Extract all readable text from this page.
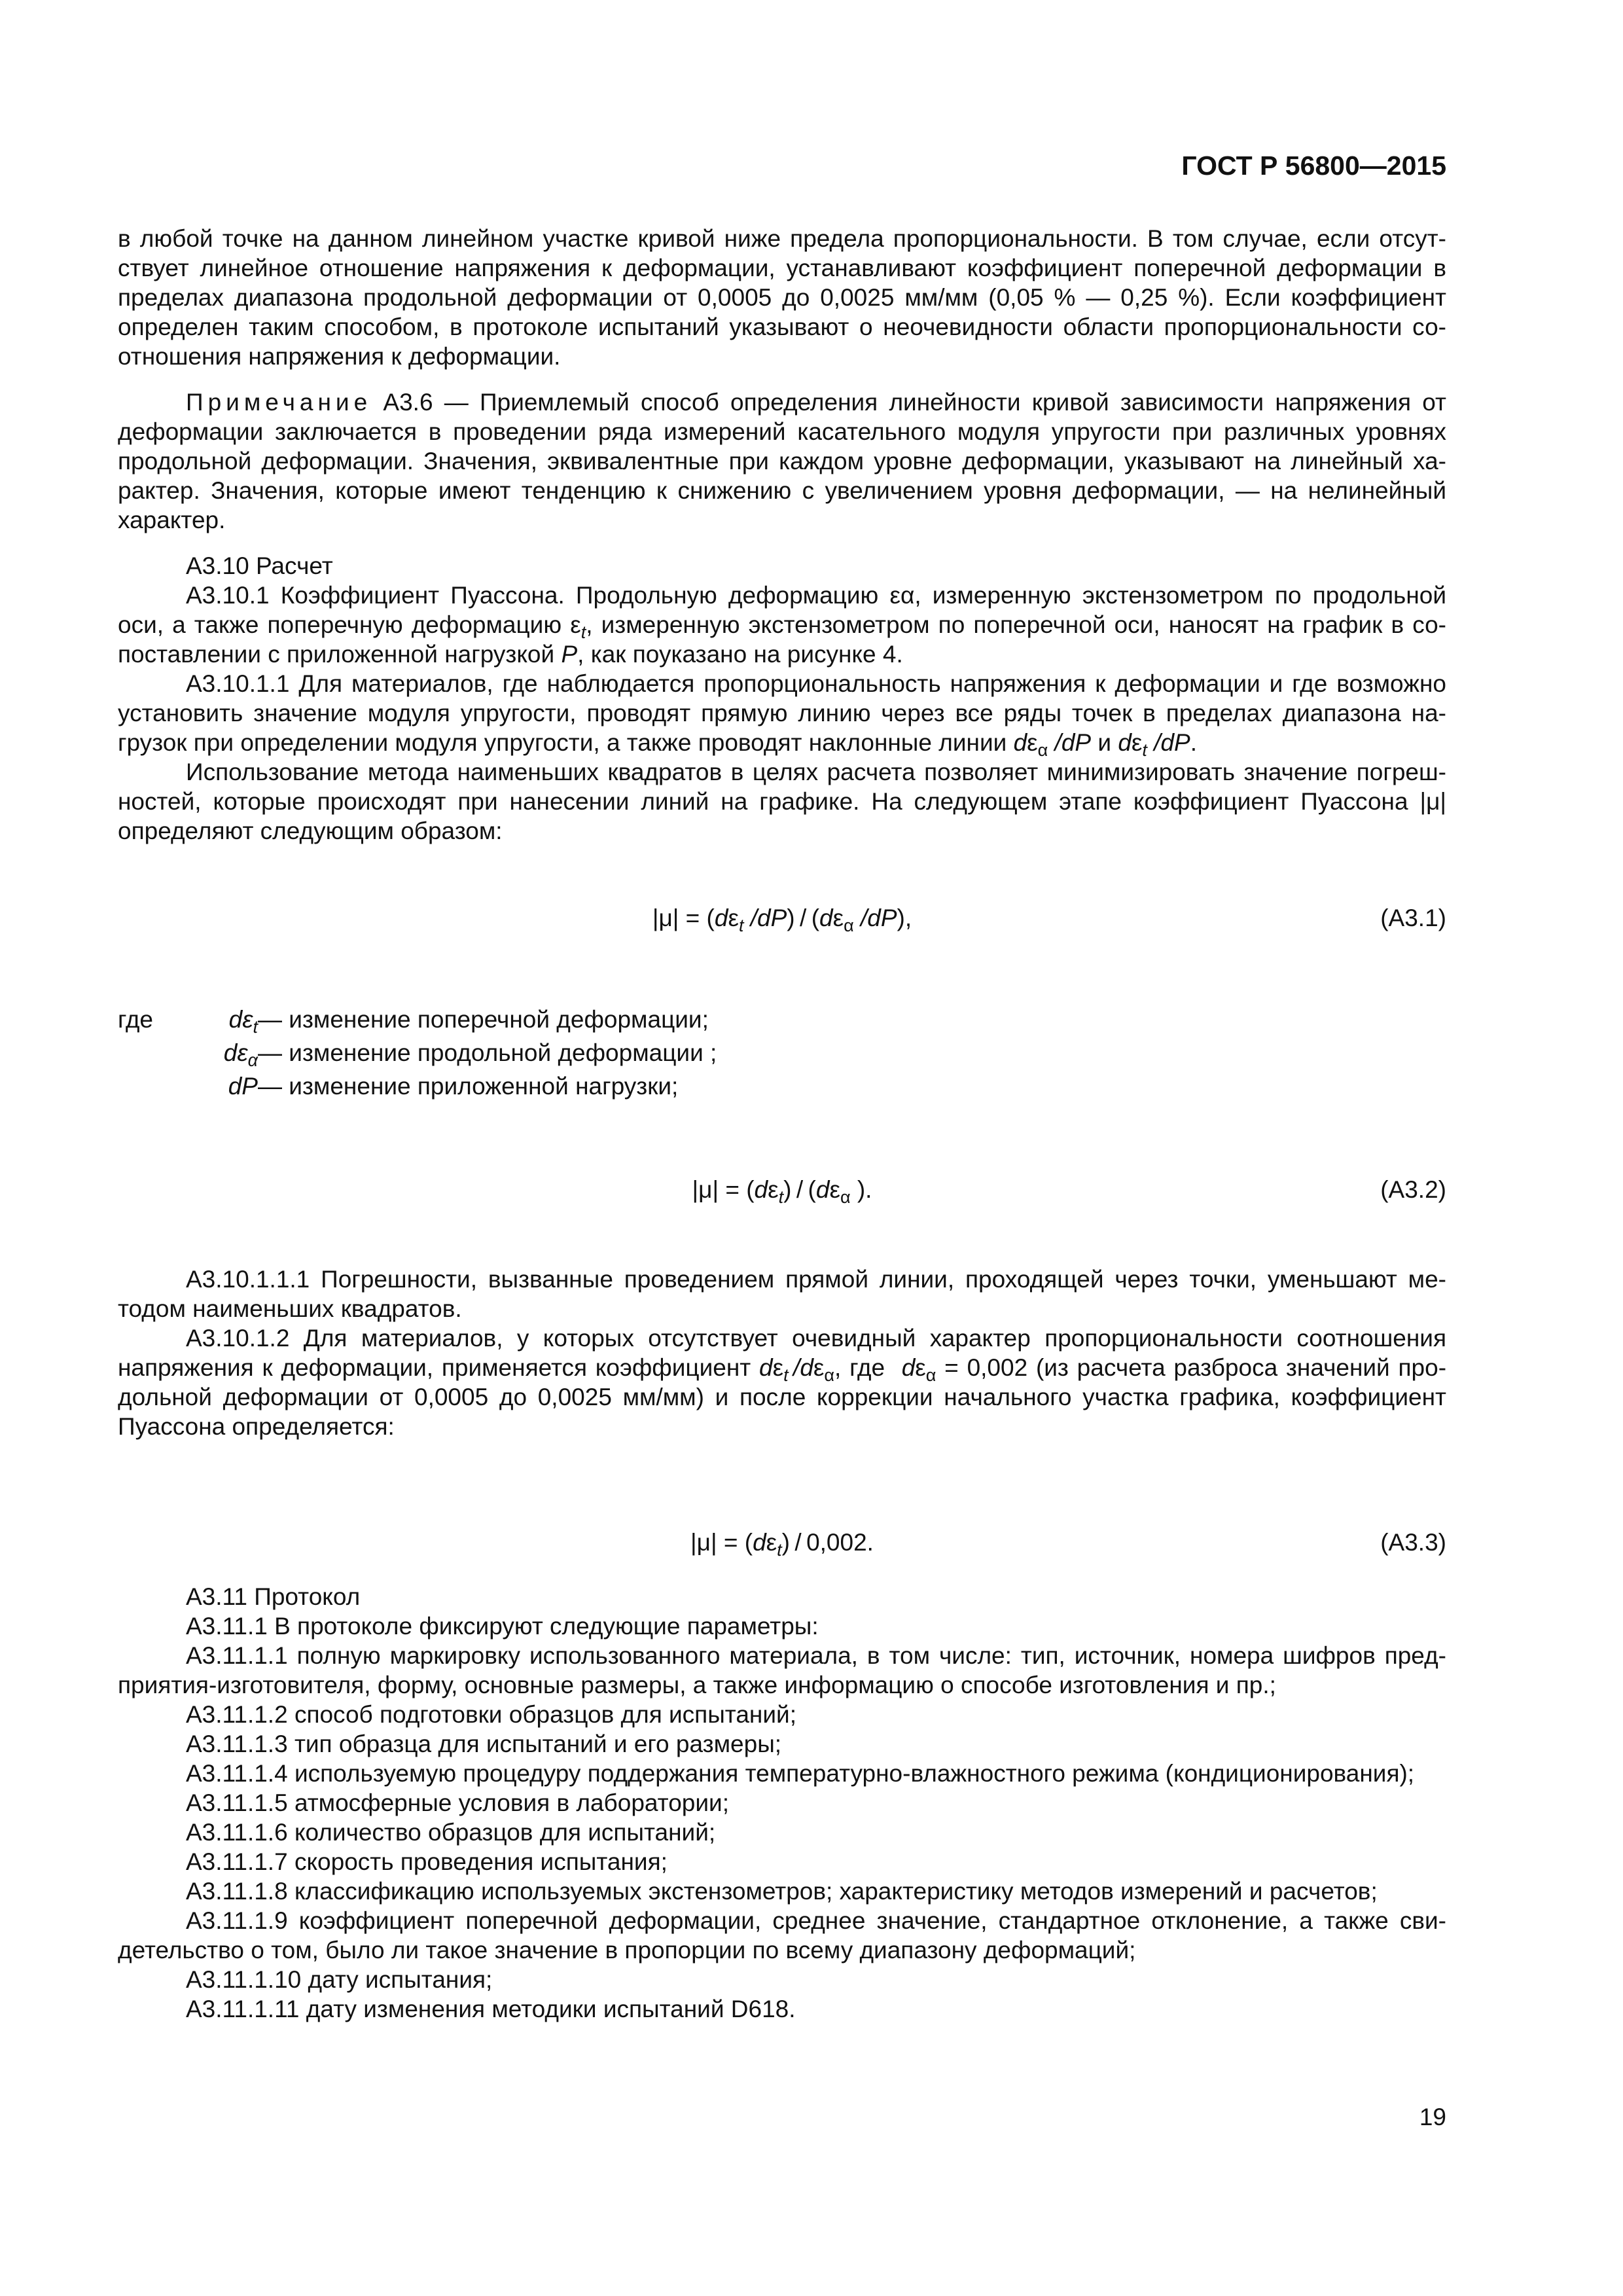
ГОСТ Р 56800—2015

в любой точке на данном линейном участке кривой ниже предела пропорциональности. В том случае, если отсут-ствует линейное отношение напряжения к деформации, устанавливают коэффициент поперечной деформации в пределах диапазона продольной деформации от 0,0005 до 0,0025 мм/мм (0,05 % — 0,25 %). Если коэффициент определен таким способом, в протоколе испытаний указывают о неочевидности области пропорциональности со-отношения напряжения к деформации.

Примечание А3.6 — Приемлемый способ определения линейности кривой зависимости напряжения от деформации заключается в проведении ряда измерений касательного модуля упругости при различных уровнях продольной деформации. Значения, эквивалентные при каждом уровне деформации, указывают на линейный ха-рактер. Значения, которые имеют тенденцию к снижению с увеличением уровня деформации, — на нелинейный характер.

А3.10 Расчет

А3.10.1 Коэффициент Пуассона. Продольную деформацию εα, измеренную экстензометром по продольной оси, а также поперечную деформацию $\varepsilon_t$, измеренную экстензометром по поперечной оси, наносят на график в со-поставлении с приложенной нагрузкой P, как поуказано на рисунке 4.

А3.10.1.1 Для материалов, где наблюдается пропорциональность напряжения к деформации и где возможно установить значение модуля упругости, проводят прямую линию через все ряды точек в пределах диапазона на-грузок при определении модуля упругости, а также проводят наклонные линии $d\varepsilon_\alpha$ /dP и $d\varepsilon_t$ /dP.

Использование метода наименьших квадратов в целях расчета позволяет минимизировать значение погреш-ностей, которые происходят при нанесении линий на графике. На следующем этапе коэффициент Пуассона |μ| определяют следующим образом:

$|\mu| = (d\varepsilon_t$ $/dP) / (d\varepsilon_\alpha$ /dP),	(А3.1)
где	$d\varepsilon_t$ — изменение поперечной деформации;
$d\varepsilon_\alpha$ — изменение продольной деформации ;
dP — изменение приложенной нагрузки;
$|\mu| = (d\varepsilon_t) / (d\varepsilon_\alpha$ ).	(А3.2)

А3.10.1.1.1 Погрешности, вызванные проведением прямой линии, проходящей через точки, уменьшают ме-тодом наименьших квадратов.

А3.10.1.2 Для материалов, у которых отсутствует очевидный характер пропорциональности соотношения напряжения к деформации, применяется коэффициент $d\varepsilon_t$  $/d\varepsilon_\alpha$, где $d\varepsilon_\alpha = 0,002$ (из расчета разброса значений про-дольной деформации от 0,0005 до 0,0025 мм/мм) и после коррекции начального участка графика, коэффициент Пуассона определяется:

$|\mu| = (d\varepsilon_t) / 0,002$.	(А3.3)

А3.11 Протокол

А3.11.1 В протоколе фиксируют следующие параметры:

А3.11.1.1 полную маркировку использованного материала, в том числе: тип, источник, номера шифров пред-приятия-изготовителя, форму, основные размеры, а также информацию о способе изготовления и пр.;

А3.11.1.2 способ подготовки образцов для испытаний;

А3.11.1.3 тип образца для испытаний и его размеры;

А3.11.1.4 используемую процедуру поддержания температурно-влажностного режима (кондиционирования);

А3.11.1.5 атмосферные условия в лаборатории;

А3.11.1.6 количество образцов для испытаний;

А3.11.1.7 скорость проведения испытания;

А3.11.1.8 классификацию используемых экстензометров; характеристику методов измерений и расчетов;

А3.11.1.9 коэффициент поперечной деформации, среднее значение, стандартное отклонение, а также сви-детельство о том, было ли такое значение в пропорции по всему диапазону деформаций;

А3.11.1.10 дату испытания;

А3.11.1.11 дату изменения методики испытаний D618.

19
